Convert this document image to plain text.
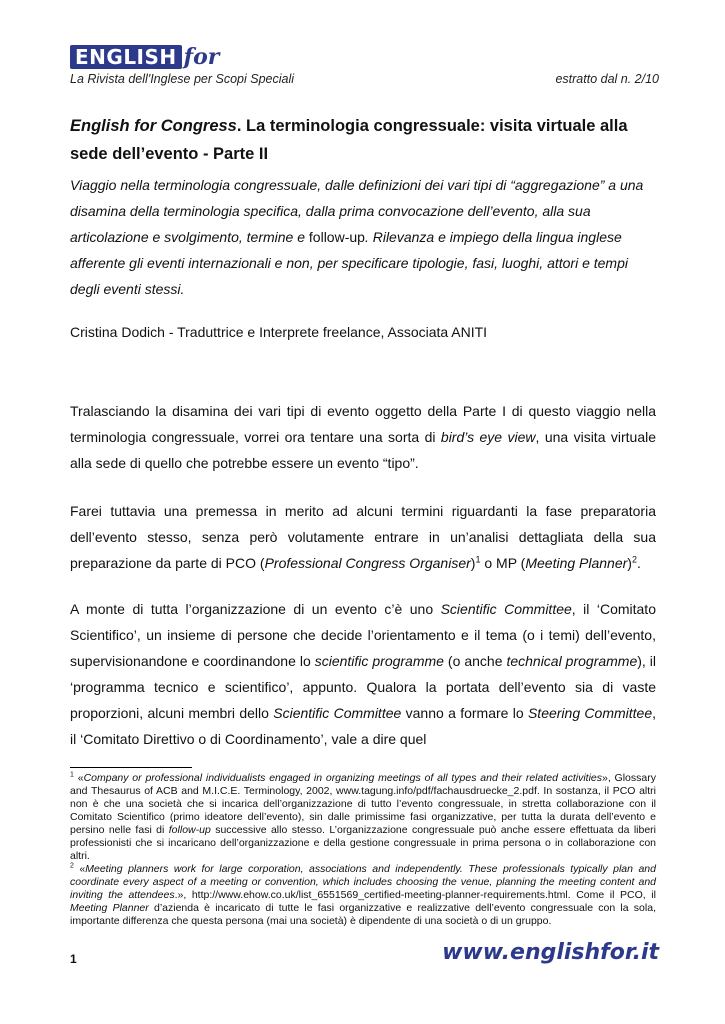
ENGLISH for
La Rivista dell'Inglese per Scopi Speciali	estratto dal n. 2/10
English for Congress. La terminologia congressuale: visita virtuale alla sede dell’evento - Parte II
Viaggio nella terminologia congressuale, dalle definizioni dei vari tipi di “aggregazione” a una disamina della terminologia specifica, dalla prima convocazione dell’evento, alla sua articolazione e svolgimento, termine e follow-up. Rilevanza e impiego della lingua inglese afferente gli eventi internazionali e non, per specificare tipologie, fasi, luoghi, attori e tempi degli eventi stessi.
Cristina Dodich - Traduttrice e Interprete freelance, Associata ANITI
Tralasciando la disamina dei vari tipi di evento oggetto della Parte I di questo viaggio nella terminologia congressuale, vorrei ora tentare una sorta di bird’s eye view, una visita virtuale alla sede di quello che potrebbe essere un evento “tipo”.
Farei tuttavia una premessa in merito ad alcuni termini riguardanti la fase preparatoria dell’evento stesso, senza però volutamente entrare in un’analisi dettagliata della sua preparazione da parte di PCO (Professional Congress Organiser)$^1$ o MP (Meeting Planner)$^2$.
A monte di tutta l’organizzazione di un evento c’è uno Scientific Committee, il ‘Comitato Scientifico’, un insieme di persone che decide l’orientamento e il tema (o i temi) dell’evento, supervisionandone e coordinandone lo scientific programme (o anche technical programme), il ‘programma tecnico e scientifico’, appunto. Qualora la portata dell’evento sia di vaste proporzioni, alcuni membri dello Scientific Committee vanno a formare lo Steering Committee, il ‘Comitato Direttivo o di Coordinamento’, vale a dire quel

$^1$ «Company or professional individualists engaged in organizing meetings of all types and their related activities», Glossary and Thesaurus of ACB and M.I.C.E. Terminology, 2002, www.tagung.info/pdf/fachausdruecke_2.pdf. In sostanza, il PCO altri non è che una società che si incarica dell’organizzazione di tutto l’evento congressuale, in stretta collaborazione con il Comitato Scientifico (primo ideatore dell’evento), sin dalle primissime fasi organizzative, per tutta la durata dell’evento e persino nelle fasi di follow-up successive allo stesso. L’organizzazione congressuale può anche essere effettuata da liberi professionisti che si incaricano dell’organizzazione e della gestione congressuale in prima persona o in collaborazione con altri.

$^2$ «Meeting planners work for large corporation, associations and independently. These professionals typically plan and coordinate every aspect of a meeting or convention, which includes choosing the venue, planning the meeting content and inviting the attendees.», http://www.ehow.co.uk/list_6551569_certified-meeting-planner-requirements.html. Come il PCO, il Meeting Planner d’azienda è incaricato di tutte le fasi organizzative e realizzative dell’evento congressuale con la sola, importante differenza che questa persona (mai una società) è dipendente di una società o di un gruppo.

1	www.englishfor.it
